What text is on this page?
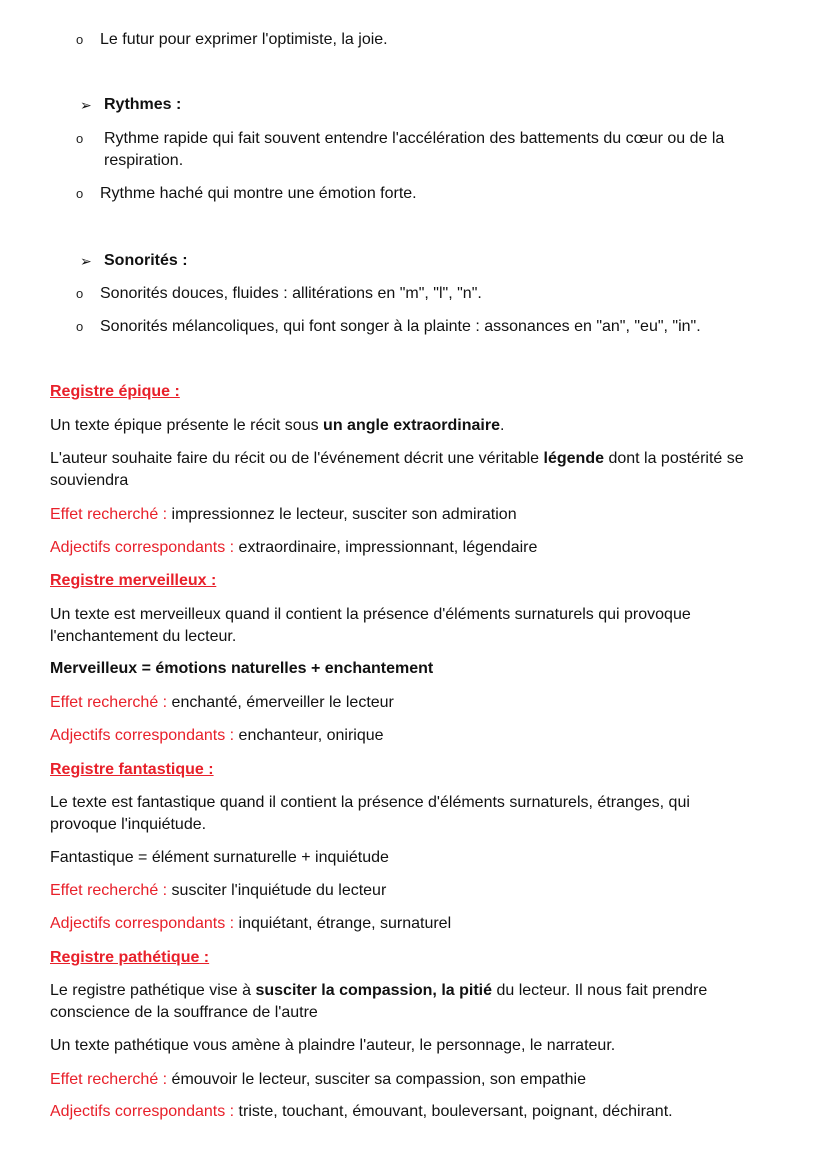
o Le futur pour exprimer l'optimiste, la joie.
➢ Rythmes :
o Rythme rapide qui fait souvent entendre l'accélération des battements du cœur ou de la respiration.
o Rythme haché qui montre une émotion forte.
➢ Sonorités :
o Sonorités douces, fluides : allitérations en "m", "l", "n".
o Sonorités mélancoliques, qui font songer à la plainte : assonances en "an", "eu", "in".
Registre épique :
Un texte épique présente le récit sous un angle extraordinaire.
L'auteur souhaite faire du récit ou de l'événement décrit une véritable légende dont la postérité se souviendra
Effet recherché : impressionnez le lecteur, susciter son admiration
Adjectifs correspondants : extraordinaire, impressionnant, légendaire
Registre merveilleux :
Un texte est merveilleux quand il contient la présence d'éléments surnaturels qui provoque l'enchantement du lecteur.
Merveilleux = émotions naturelles + enchantement
Effet recherché : enchanté, émerveiller le lecteur
Adjectifs correspondants : enchanteur, onirique
Registre fantastique :
Le texte est fantastique quand il contient la présence d'éléments surnaturels, étranges, qui provoque l'inquiétude.
Fantastique = élément surnaturelle + inquiétude
Effet recherché : susciter l'inquiétude du lecteur
Adjectifs correspondants : inquiétant, étrange, surnaturel
Registre pathétique :
Le registre pathétique vise à susciter la compassion, la pitié du lecteur. Il nous fait prendre conscience de la souffrance de l'autre
Un texte pathétique vous amène à plaindre l'auteur, le personnage, le narrateur.
Effet recherché : émouvoir le lecteur, susciter sa compassion, son empathie
Adjectifs correspondants : triste, touchant, émouvant, bouleversant, poignant, déchirant.
